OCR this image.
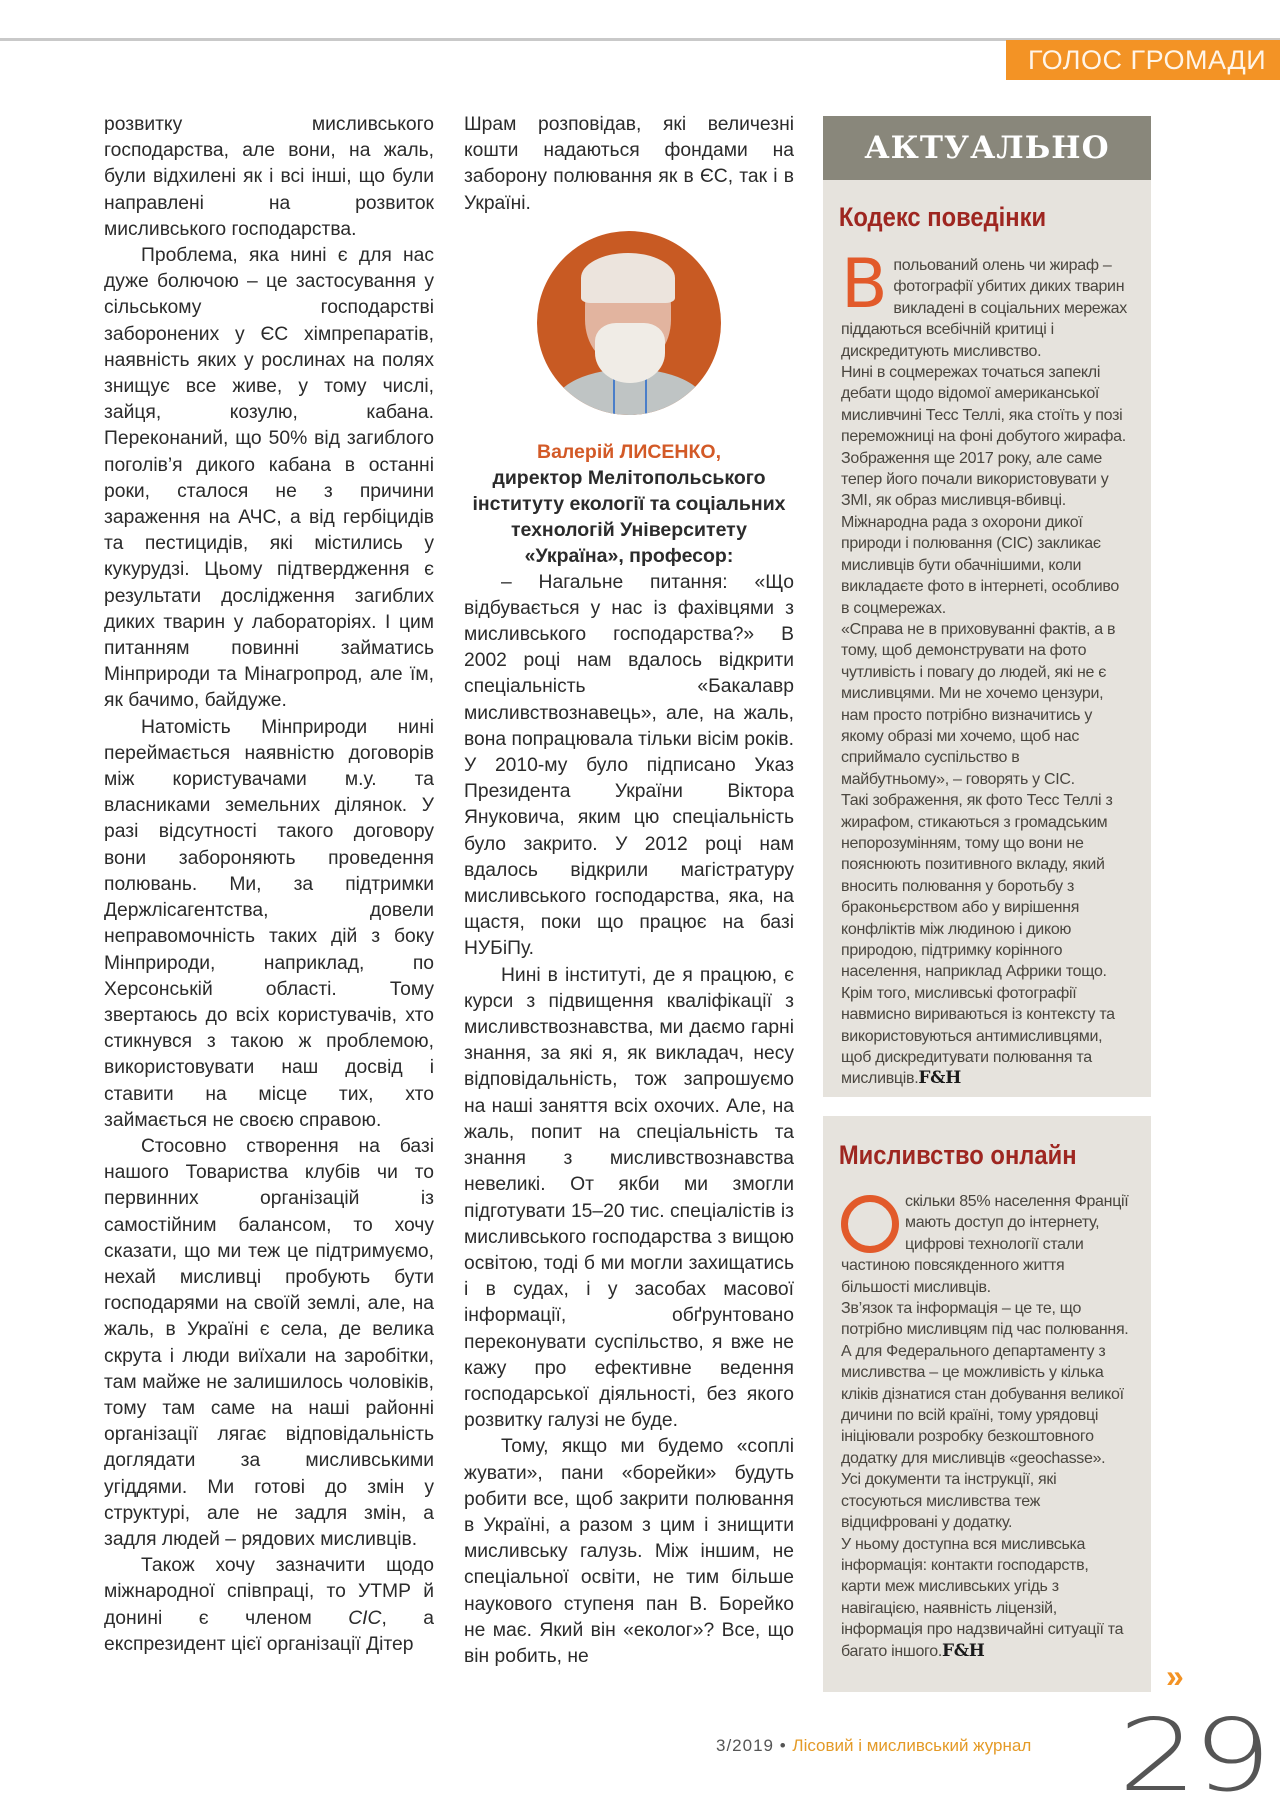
ГОЛОС ГРОМАДИ

розвитку мисливського господарства, але вони, на жаль, були відхилені як і всі інші, що були направлені на розвиток мисливського господарства.

Проблема, яка нині є для нас дуже болючою – це застосування у сільському господарстві заборонених у ЄС хімпрепаратів, наявність яких у рослинах на полях знищує все живе, у тому числі, зайця, козулю, кабана. Переконаний, що 50% від загиблого поголів’я дикого кабана в останні роки, сталося не з причини зараження на АЧС, а від гербіцидів та пестицидів, які містились у кукурудзі. Цьому підтвердження є результати дослідження загиблих диких тварин у лабораторіях. І цим питанням повинні займатись Мінприроди та Мінагропрод, але їм, як бачимо, байдуже.

Натомість Мінприроди нині переймається наявністю договорів між користувачами м.у. та власниками земельних ділянок. У разі відсутності такого договору вони забороняють проведення полювань. Ми, за підтримки Держлісагентства, довели неправомочність таких дій з боку Мінприроди, наприклад, по Херсонській області. Тому звертаюсь до всіх користувачів, хто стикнувся з такою ж проблемою, використовувати наш досвід і ставити на місце тих, хто займається не своєю справою.

Стосовно створення на базі нашого Товариства клубів чи то первинних організацій із самостійним балансом, то хочу сказати, що ми теж це підтримуємо, нехай мисливці пробують бути господарями на своїй землі, але, на жаль, в Україні є села, де велика скрута і люди виїхали на заробітки, там майже не залишилось чоловіків, тому там саме на наші районні організації лягає відповідальність доглядати за мисливськими угіддями. Ми готові до змін у структурі, але не задля змін, а задля людей – рядових мисливців.

Також хочу зазначити щодо міжнародної співпраці, то УТМР й донині є членом CIC, а експрезидент цієї організації Дітер

Шрам розповідав, які величезні кошти надаються фондами на заборону полювання як в ЄС, так і в Україні.

Валерій ЛИСЕНКО,
директор Мелітопольського інституту екології та соціальних технологій Університету «Україна», професор:

– Нагальне питання: «Що відбувається у нас із фахівцями з мисливського господарства?» В 2002 році нам вдалось відкрити спеціальність «Бакалавр мисливствознавець», але, на жаль, вона попрацювала тільки вісім років. У 2010-му було підписано Указ Президента України Віктора Януковича, яким цю спеціальність було закрито. У 2012 році нам вдалось відкрили магістратуру мисливського господарства, яка, на щастя, поки що працює на базі НУБіПу.

Нині в інституті, де я працюю, є курси з підвищення кваліфікації з мисливствознавства, ми даємо гарні знання, за які я, як викладач, несу відповідальність, тож запрошуємо на наші заняття всіх охочих. Але, на жаль, попит на спеціальність та знання з мисливствознавства невеликі. От якби ми змогли підготувати 15–20 тис. спеціалістів із мисливського господарства з вищою освітою, тоді б ми могли захищатись і в судах, і у засобах масової інформації, обґрунтовано переконувати суспільство, я вже не кажу про ефективне ведення господарської діяльності, без якого розвитку галузі не буде.

Тому, якщо ми будемо «соплі жувати», пани «борейки» будуть робити все, щоб закрити полювання в Україні, а разом з цим і знищити мисливську галузь. Між іншим, не спеціальної освіти, не тим більше наукового ступеня пан В. Борейко не має. Який він «еколог»? Все, що він робить, не

АКТУАЛЬНО
Кодекс поведінки

Впольований олень чи жираф – фотографії убитих диких тварин викладені в соціальних мережах піддаються всебічній критиці і дискредитують мисливство.

Нині в соцмережах точаться запеклі дебати щодо відомої американської мисливчині Тесс Теллі, яка стоїть у позі переможниці на фоні добутого жирафа. Зображення ще 2017 року, але саме тепер його почали використовувати у ЗМІ, як образ мисливця-вбивці. Міжнародна рада з охорони дикої природи і полювання (CIC) закликає мисливців бути обачнішими, коли викладаєте фото в інтернеті, особливо в соцмережах.

«Справа не в приховуванні фактів, а в тому, щоб демонструвати на фото чутливість і повагу до людей, які не є мисливцями. Ми не хочемо цензури, нам просто потрібно визначитись у якому образі ми хочемо, щоб нас сприймало суспільство в майбутньому», – говорять у CIC.

Такі зображення, як фото Тесс Теллі з жирафом, стикаються з громадським непорозумінням, тому що вони не пояснюють позитивного вкладу, який вносить полювання у боротьбу з браконьєрством або у вирішення конфліктів між людиною і дикою природою, підтримку корінного населення, наприклад Африки тощо.

Крім того, мисливські фотографії навмисно вириваються із контексту та використовуються антимисливцями, щоб дискредитувати полювання та мисливців.F&H

Мисливство онлайн

скільки 85% населення Франції мають доступ до інтернету, цифрові технології стали частиною повсякденного життя більшості мисливців.

Зв’язок та інформація – це те, що потрібно мисливцям під час полювання. А для Федерального департаменту з мисливства – це можливість у кілька кліків дізнатися стан добування великої дичини по всій країні, тому урядовці ініціювали розробку безкоштовного додатку для мисливців «geochasse».

Усі документи та інструкції, які стосуються мисливства теж відцифровані у додатку.

У ньому доступна вся мисливська інформація: контакти господарств, карти меж мисливських угідь з навігацією, наявність ліцензій, інформація про надзвичайні ситуації та багато іншого.F&H

»
3/2019 • Лісовий і мисливський журнал 29
